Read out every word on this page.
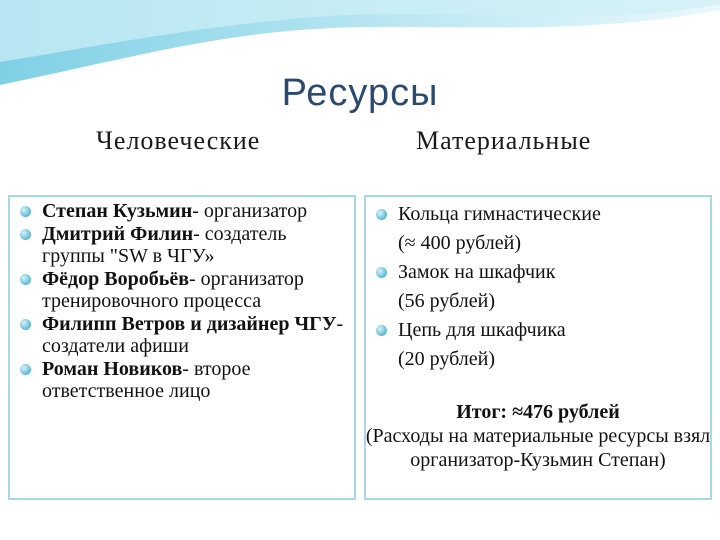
Ресурсы
Человеческие	Материальные
Степан Кузьмин- организатор
Дмитрий Филин- создатель группы "SW в ЧГУ»
Фёдор Воробьёв- организатор тренировочного процесса
Филипп Ветров и дизайнер ЧГУ- создатели афиши
Роман Новиков- второе ответственное лицо
Кольца гимнастические
(≈ 400 рублей)
Замок на шкафчик
(56 рублей)
Цепь для шкафчика
(20 рублей)
Итог: ≈476 рублей
(Расходы на материальные ресурсы взял организатор-Кузьмин Степан)
